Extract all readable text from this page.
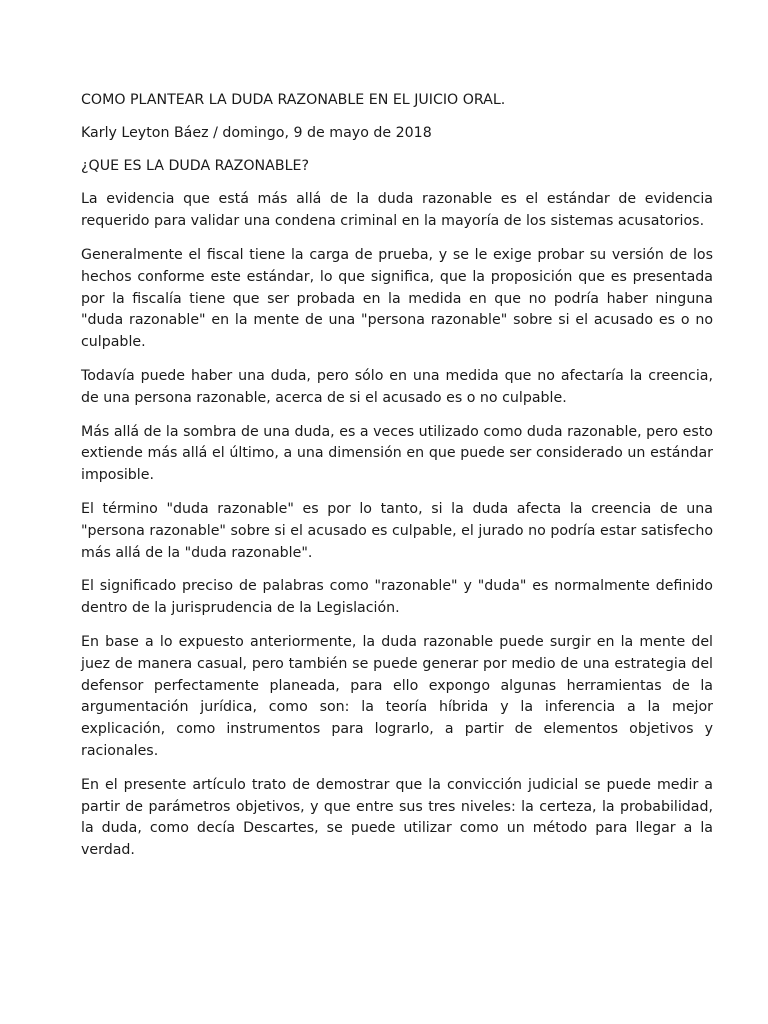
COMO PLANTEAR LA DUDA RAZONABLE EN EL JUICIO ORAL.

Karly Leyton Báez / domingo, 9 de mayo de 2018

¿QUE ES LA DUDA RAZONABLE?

La evidencia que está más allá de la duda razonable es el estándar de evidencia requerido para validar una condena criminal en la mayoría de los sistemas acusatorios.

Generalmente el fiscal tiene la carga de prueba, y se le exige probar su versión de los hechos conforme este estándar, lo que significa, que la proposición que es presentada por la fiscalía tiene que ser probada en la medida en que no podría haber ninguna "duda razonable" en la mente de una "persona razonable" sobre si el acusado es o no culpable.

Todavía puede haber una duda, pero sólo en una medida que no afectaría la creencia, de una persona razonable, acerca de si el acusado es o no culpable.

Más allá de la sombra de una duda, es a veces utilizado como duda razonable, pero esto extiende más allá el último, a una dimensión en que puede ser considerado un estándar imposible.

El término "duda razonable" es por lo tanto, si la duda afecta la creencia de una "persona razonable" sobre si el acusado es culpable, el jurado no podría estar satisfecho más allá de la "duda razonable".

El significado preciso de palabras como "razonable" y "duda" es normalmente definido dentro de la jurisprudencia de la Legislación.

En base a lo expuesto anteriormente, la duda razonable puede surgir en la mente del juez de manera casual, pero también se puede generar por medio de una estrategia del defensor perfectamente planeada, para ello expongo algunas herramientas de la argumentación jurídica, como son: la teoría híbrida y la inferencia a la mejor explicación, como instrumentos para lograrlo, a partir de elementos objetivos y racionales.

En el presente artículo trato de demostrar que la convicción judicial se puede medir a partir de parámetros objetivos, y que entre sus tres niveles: la certeza, la probabilidad, la duda, como decía Descartes, se puede utilizar como un método para llegar a la verdad.
